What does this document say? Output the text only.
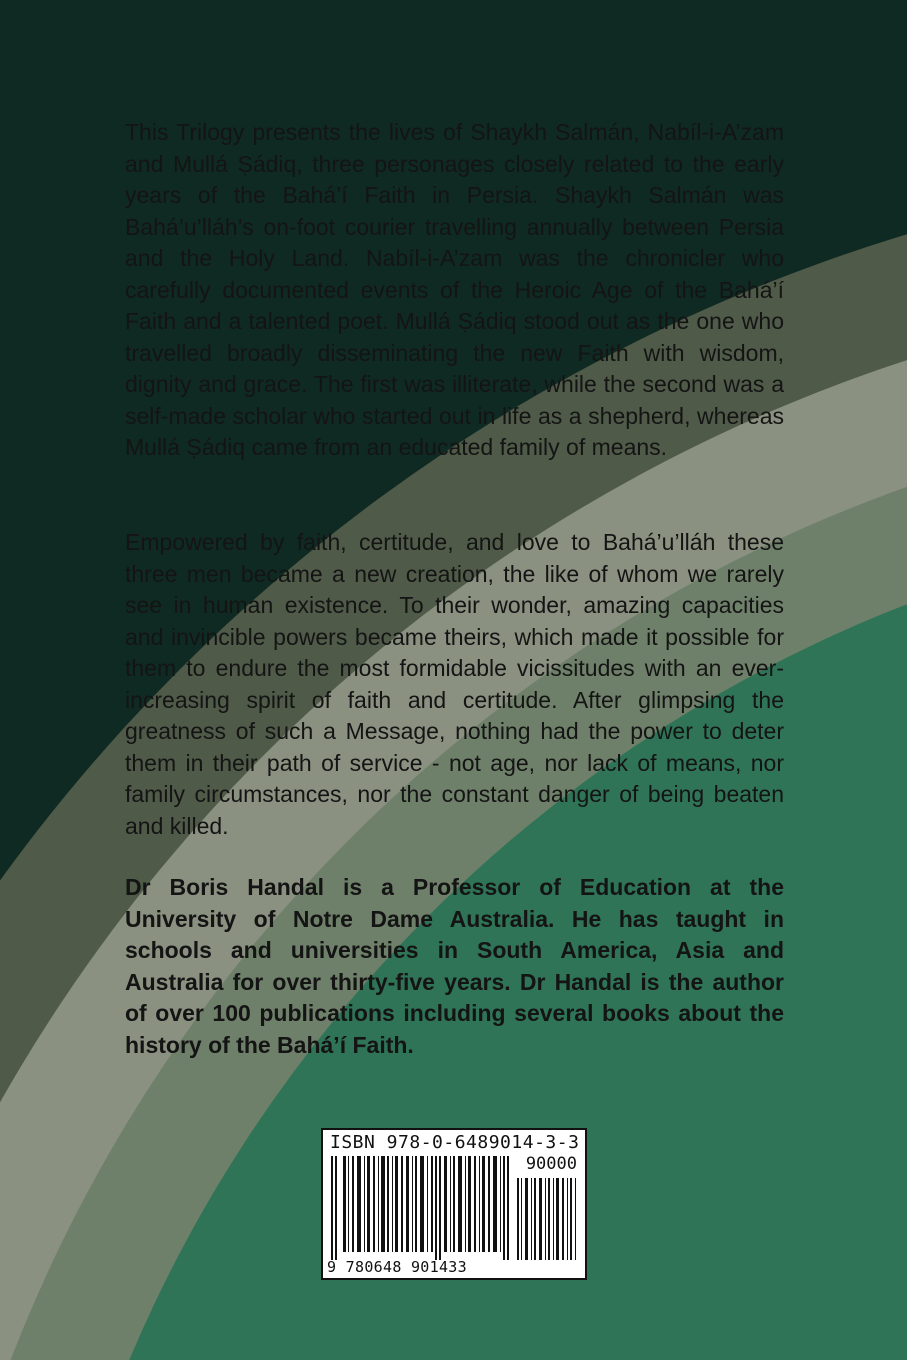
This Trilogy presents the lives of Shaykh Salmán, Nabíl-i-A’zam and Mullá Ṣádiq, three personages closely related to the early years of the Bahá’í Faith in Persia. Shaykh Salmán was Bahá’u’lláh’s on-foot courier travelling annually between Persia and the Holy Land. Nabíl-i-A’zam was the chronicler who carefully documented events of the Heroic Age of the Bahá’í Faith and a talented poet. Mullá Ṣádiq stood out as the one who travelled broadly disseminating the new Faith with wisdom, dignity and grace. The first was illiterate, while the second was a self-made scholar who started out in life as a shepherd, whereas Mullá Ṣádiq came from an educated family of means.

Empowered by faith, certitude, and love to Bahá’u’lláh these three men became a new creation, the like of whom we rarely see in human existence. To their wonder, amazing capacities and invincible powers became theirs, which made it possible for them to endure the most formidable vicissitudes with an ever-increasing spirit of faith and certitude. After glimpsing the greatness of such a Message, nothing had the power to deter them in their path of service - not age, nor lack of means, nor family circumstances, nor the constant danger of being beaten and killed.

Dr Boris Handal is a Professor of Education at the University of Notre Dame Australia. He has taught in schools and universities in South America, Asia and Australia for over thirty-five years. Dr Handal is the author of over 100 publications including several books about the history of the Bahá’í Faith.

ISBN 978-0-6489014-3-3
90000
9 780648 901433
